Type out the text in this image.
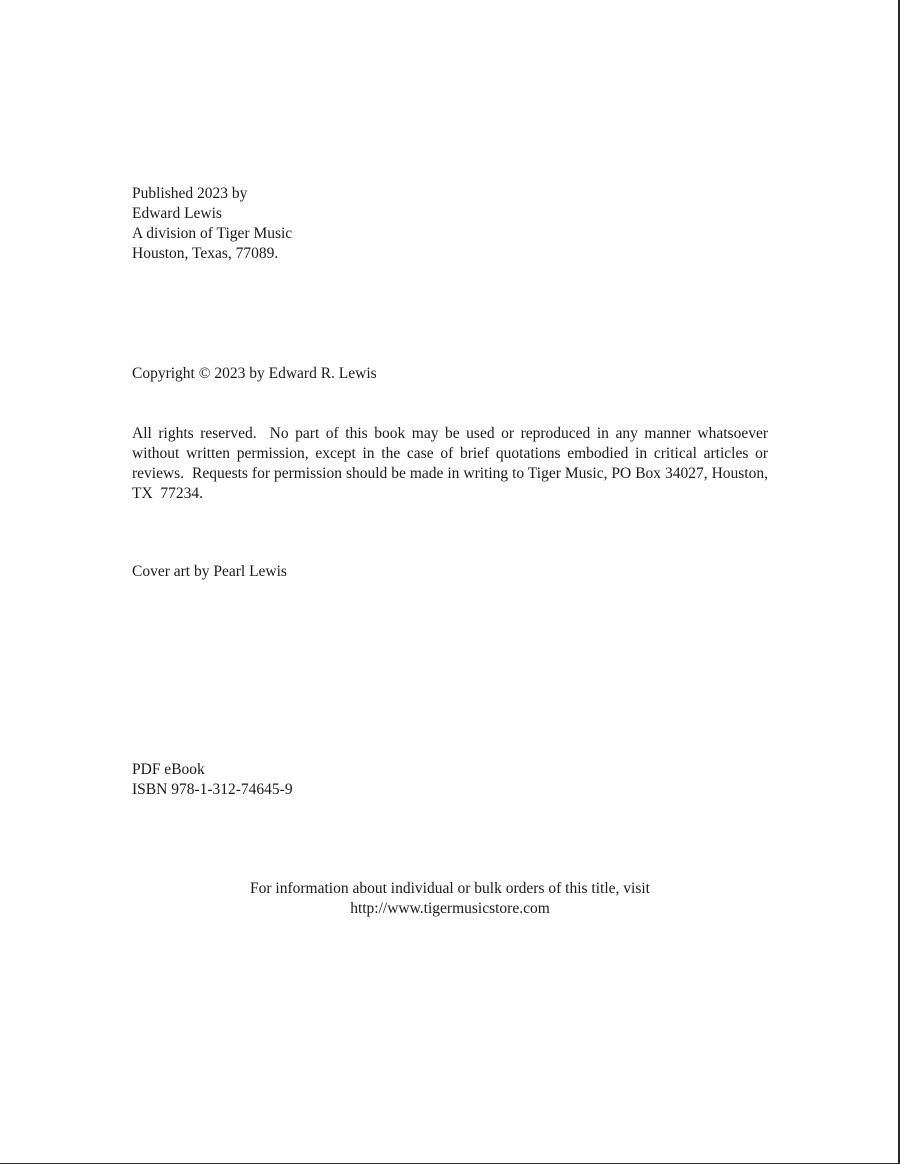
Published 2023 by
Edward Lewis
A division of Tiger Music
Houston, Texas, 77089.
Copyright © 2023 by Edward R. Lewis
All rights reserved.  No part of this book may be used or reproduced in any manner whatsoever without written permission, except in the case of brief quotations embodied in critical articles or reviews.  Requests for permission should be made in writing to Tiger Music, PO Box 34027, Houston, TX  77234.
Cover art by Pearl Lewis
PDF eBook
ISBN 978-1-312-74645-9
For information about individual or bulk orders of this title, visit
http://www.tigermusicstore.com
